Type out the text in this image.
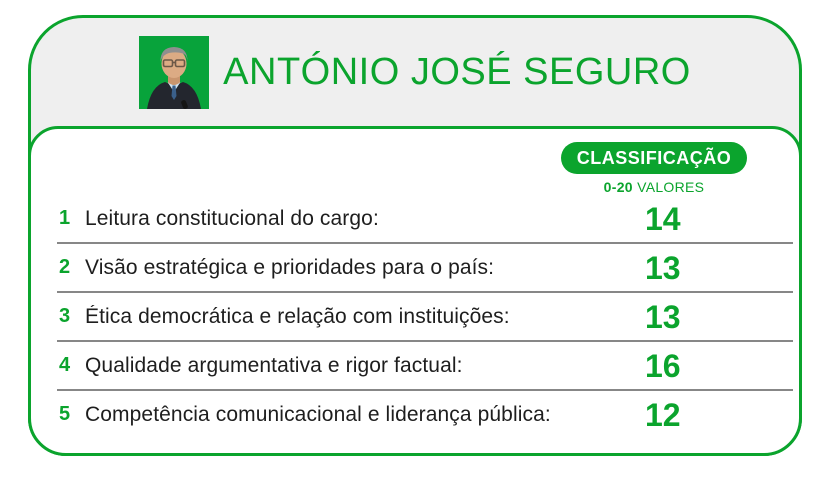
ANTÓNIO JOSÉ SEGURO
CLASSIFICAÇÃO
0-20 VALORES
1 Leitura constitucional do cargo:	14
2 Visão estratégica e prioridades para o país:	13
3 Ética democrática e relação com instituições:	13
4 Qualidade argumentativa e rigor factual:	16
5 Competência comunicacional e liderança pública:	12
